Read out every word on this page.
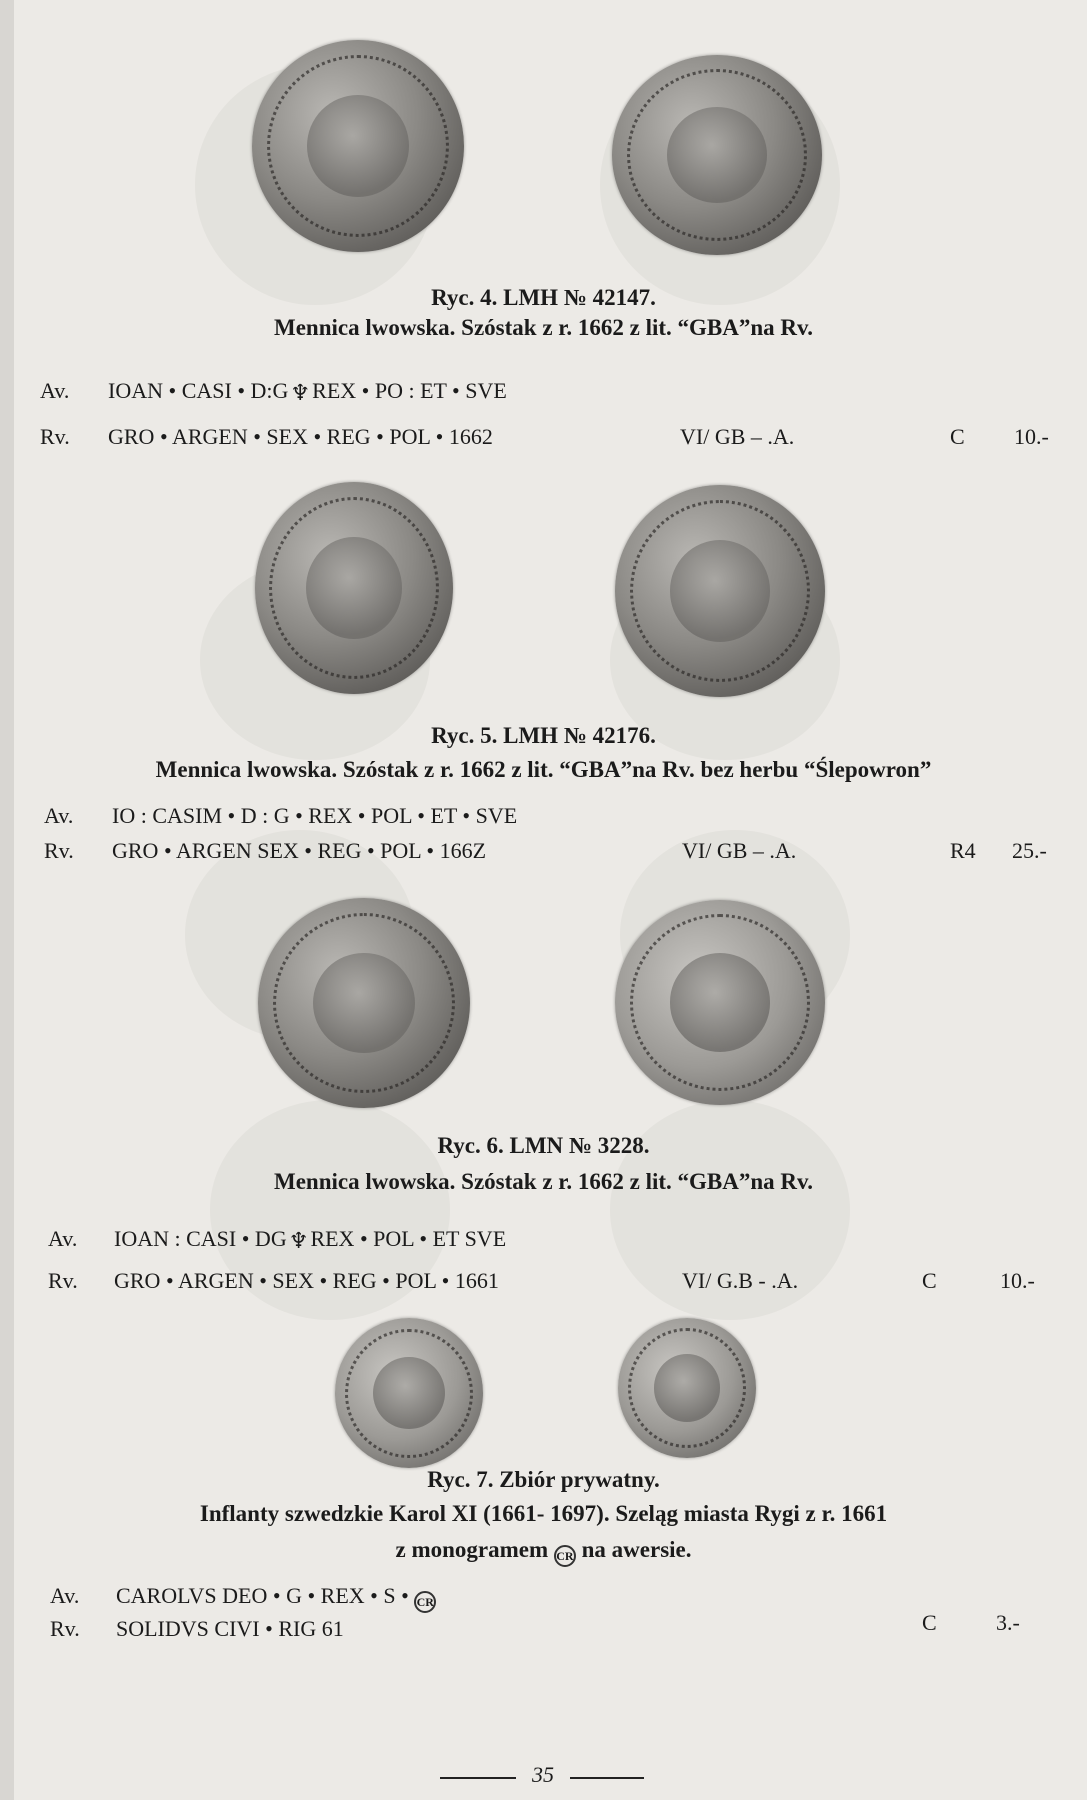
Ryc. 4. LMH № 42147.
Mennica lwowska. Szóstak z r. 1662 z lit. “GBA”na Rv.
Av. IOAN • CASI • D:G♆REX • PO : ET • SVE
Rv. GRO • ARGEN • SEX • REG • POL • 1662	VI/ GB – .A.	C 10.-
Ryc. 5. LMH № 42176.
Mennica lwowska. Szóstak z r. 1662 z lit. “GBA”na Rv. bez herbu “Ślepowron”
Av. IO : CASIM • D : G • REX • POL • ET • SVE
Rv. GRO • ARGEN SEX • REG • POL • 166Z	VI/ GB – .A.	R4 25.-
Ryc. 6. LMN № 3228.
Mennica lwowska. Szóstak z r. 1662 z lit. “GBA”na Rv.
Av. IOAN : CASI • DG♆REX • POL • ET SVE
Rv. GRO • ARGEN • SEX • REG • POL • 1661	VI/ G.B - .A.	C	10.-
Ryc. 7. Zbiór prywatny.
Inflanty szwedzkie Karol XI (1661- 1697). Szeląg miasta Rygi z r. 1661
z monogramem CR na awersie.
Av. CAROLVS DEO • G • REX • S • CR
Rv. SOLIDVS CIVI • RIG 61	C	3.-
35
